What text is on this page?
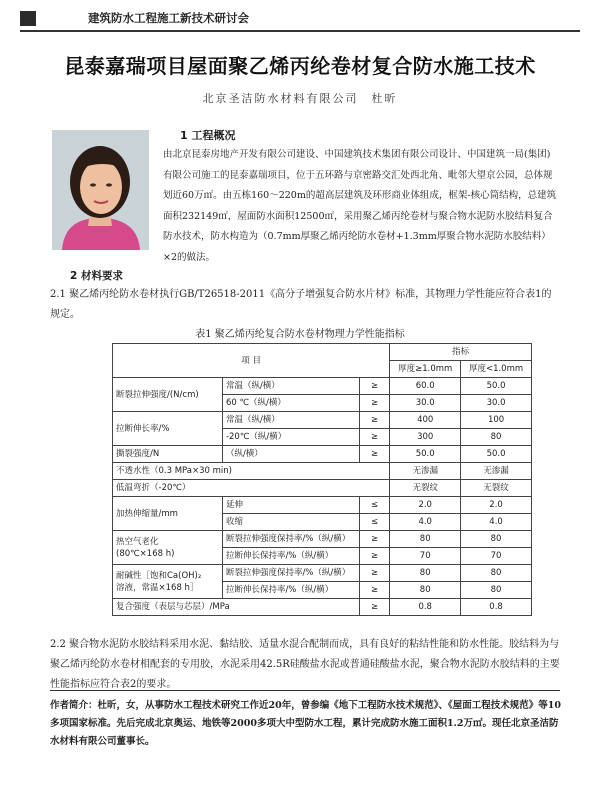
建筑防水工程施工新技术研讨会
昆泰嘉瑞项目屋面聚乙烯丙纶卷材复合防水施工技术
北京圣洁防水材料有限公司　杜昕
1 工程概况

由北京昆泰房地产开发有限公司建设、中国建筑技术集团有限公司设计、中国建筑一局(集团)有限公司施工的昆泰嘉瑞项目，位于五环路与京密路交汇处西北角、毗邻大望京公园，总体规划近60万㎡。由五栋160～220m的超高层建筑及环形商业体组成，框架-核心筒结构，总建筑面积232149㎡，屋面防水面积12500㎡，采用聚乙烯丙纶卷材与聚合物水泥防水胶结料复合防水技术，防水构造为（0.7mm厚聚乙烯丙纶防水卷材+1.3mm厚聚合物水泥防水胶结料）×2的做法。

2 材料要求

2.1 聚乙烯丙纶防水卷材执行GB/T26518-2011《高分子增强复合防水片材》标准，其物理力学性能应符合表1的规定。

表1 聚乙烯丙纶复合防水卷材物理力学性能指标
项 目			指标	
			厚度≥1.0mm	厚度<1.0mm
断裂拉伸强度/(N/cm)	常温（纵/横）	≥	60.0	50.0
	60 ℃（纵/横）	≥	30.0	30.0
拉断伸长率/%	常温（纵/横）	≥	400	100
	-20℃（纵/横）	≥	300	80
撕裂强度/N	（纵/横）	≥	50.0	50.0
不透水性（0.3 MPa×30 min)			无渗漏	无渗漏
低温弯折（-20℃）			无裂纹	无裂纹
加热伸缩量/mm	延伸	≤	2.0	2.0
	收缩	≤	4.0	4.0
热空气老化
(80℃×168 h)	断裂拉伸强度保持率/%（纵/横）	≥	80	80
	拉断伸长保持率/%（纵/横）	≥	70	70
耐碱性［饱和Ca(OH)₂
溶液，常温×168 h］	断裂拉伸强度保持率/%（纵/横）	≥	80	80
	拉断伸长保持率/%（纵/横）	≥	80	80
复合强度（表层与芯层）/MPa		≥	0.8	0.8

2.2 聚合物水泥防水胶结料采用水泥、黏结胶、适量水混合配制而成，具有良好的粘结性能和防水性能。胶结料为与聚乙烯丙纶防水卷材相配套的专用胶，水泥采用42.5R硅酸盐水泥或普通硅酸盐水泥，聚合物水泥防水胶结料的主要性能指标应符合表2的要求。

作者简介：杜昕，女，从事防水工程技术研究工作近20年，曾参编《地下工程防水技术规范》、《屋面工程技术规范》等10多项国家标准。先后完成北京奥运、地铁等2000多项大中型防水工程，累计完成防水施工面积1.2万㎡。现任北京圣洁防水材料有限公司董事长。
